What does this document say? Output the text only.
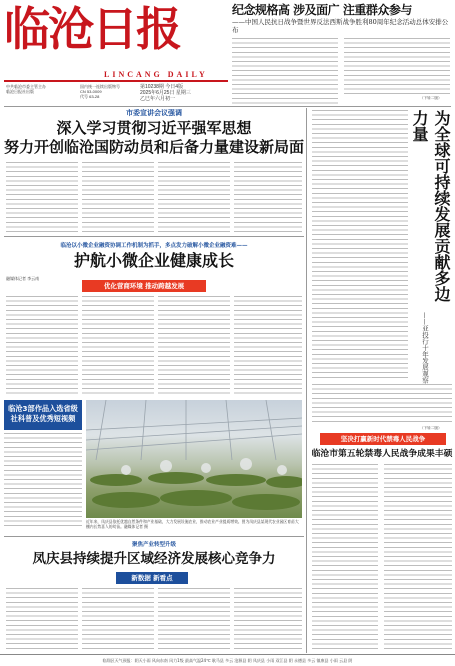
临沧日报
LINCANG DAILY
中共临沧市委主管主办
临沧日报社出版
国内统一连续出版物号
CN 53-0009
代号 63-28
第10238期 今日4版
2025年6月25日 星期三
乙巳年六月初一
纪念规格高 涉及面广 注重群众参与
——中国人民抗日战争暨世界反法西斯战争胜利80周年纪念活动总体安排公布
（下转二版）
市委宣讲会议强调
深入学习贯彻习近平强军思想
努力开创临沧国防动员和后备力量建设新局面
临沧以小微企业融资协调工作机制为抓手，多点发力破解小微企业融资难——
护航小微企业健康成长
融媒体记者 李云南
优化营商环境 推动跨越发展
临沧3部作品入选省级
社科普及优秀短视频
近年来，凤庆县依托优越自然条件和产业基础，大力发展设施农业，推动农业产业提质增效。图为凤庆县某现代农业园区育苗大棚内长势喜人的幼苗。融媒体记者 摄
聚焦产业转型升级
凤庆县持续提升区域经济发展核心竞争力
新数据 新看点
为全球可持续发展贡献多边力量
——亚投行十年发展观察
（下转二版）
坚决打赢新时代禁毒人民战争
临沧市第五轮禁毒人民战争成果丰硕
临翔区天气预报：阴天小雨 风向东南 风力1级 最高气温24℃ 耿马县 多云 沧源县 阴 凤庆县 小雨 双江县 阴 永德县 多云 镇康县 小雨 云县 阴
